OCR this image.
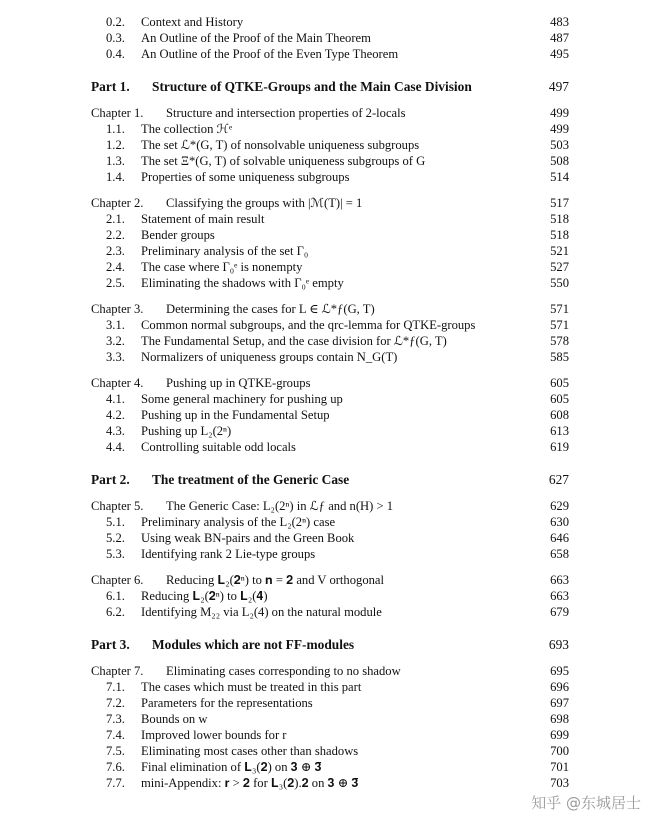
0.2. Context and History	483
0.3. An Outline of the Proof of the Main Theorem	487
0.4. An Outline of the Proof of the Even Type Theorem	495
Part 1. Structure of QTKE-Groups and the Main Case Division	497
Chapter 1. Structure and intersection properties of 2-locals	499
1.1. The collection ℋᵉ	499
1.2. The set ℒ*(G, T) of nonsolvable uniqueness subgroups	503
1.3. The set Ξ*(G, T) of solvable uniqueness subgroups of G	508
1.4. Properties of some uniqueness subgroups	514
Chapter 2. Classifying the groups with |ℳ(T)| = 1	517
2.1. Statement of main result	518
2.2. Bender groups	518
2.3. Preliminary analysis of the set Γ₀	521
2.4. The case where Γ₀ᵉ is nonempty	527
2.5. Eliminating the shadows with Γ₀ᵉ empty	550
Chapter 3. Determining the cases for L ∈ ℒ*ƒ(G, T)	571
3.1. Common normal subgroups, and the qrc-lemma for QTKE-groups	571
3.2. The Fundamental Setup, and the case division for ℒ*ƒ(G, T)	578
3.3. Normalizers of uniqueness groups contain N_G(T)	585
Chapter 4. Pushing up in QTKE-groups	605
4.1. Some general machinery for pushing up	605
4.2. Pushing up in the Fundamental Setup	608
4.3. Pushing up L₂(2ⁿ)	613
4.4. Controlling suitable odd locals	619
Part 2. The treatment of the Generic Case	627
Chapter 5. The Generic Case: L₂(2ⁿ) in ℒƒ and n(H) > 1	629
5.1. Preliminary analysis of the L₂(2ⁿ) case	630
5.2. Using weak BN-pairs and the Green Book	646
5.3. Identifying rank 2 Lie-type groups	658
Chapter 6. Reducing 𝐋₂(𝟐ⁿ) to 𝐧 = 𝟐 and V orthogonal	663
6.1. Reducing 𝐋₂(𝟐ⁿ) to 𝐋₂(𝟒)	663
6.2. Identifying M₂₂ via L₂(4) on the natural module	679
Part 3. Modules which are not FF-modules	693
Chapter 7. Eliminating cases corresponding to no shadow	695
7.1. The cases which must be treated in this part	696
7.2. Parameters for the representations	697
7.3. Bounds on w	698
7.4. Improved lower bounds for r	699
7.5. Eliminating most cases other than shadows	700
7.6. Final elimination of 𝐋₃(𝟐) on 𝟑 ⊕ 𝟑̄	701
7.7. mini-Appendix: 𝐫 > 𝟐 for 𝐋₃(𝟐).𝟐 on 𝟑 ⊕ 𝟑̄	703
知乎 @东城居士
